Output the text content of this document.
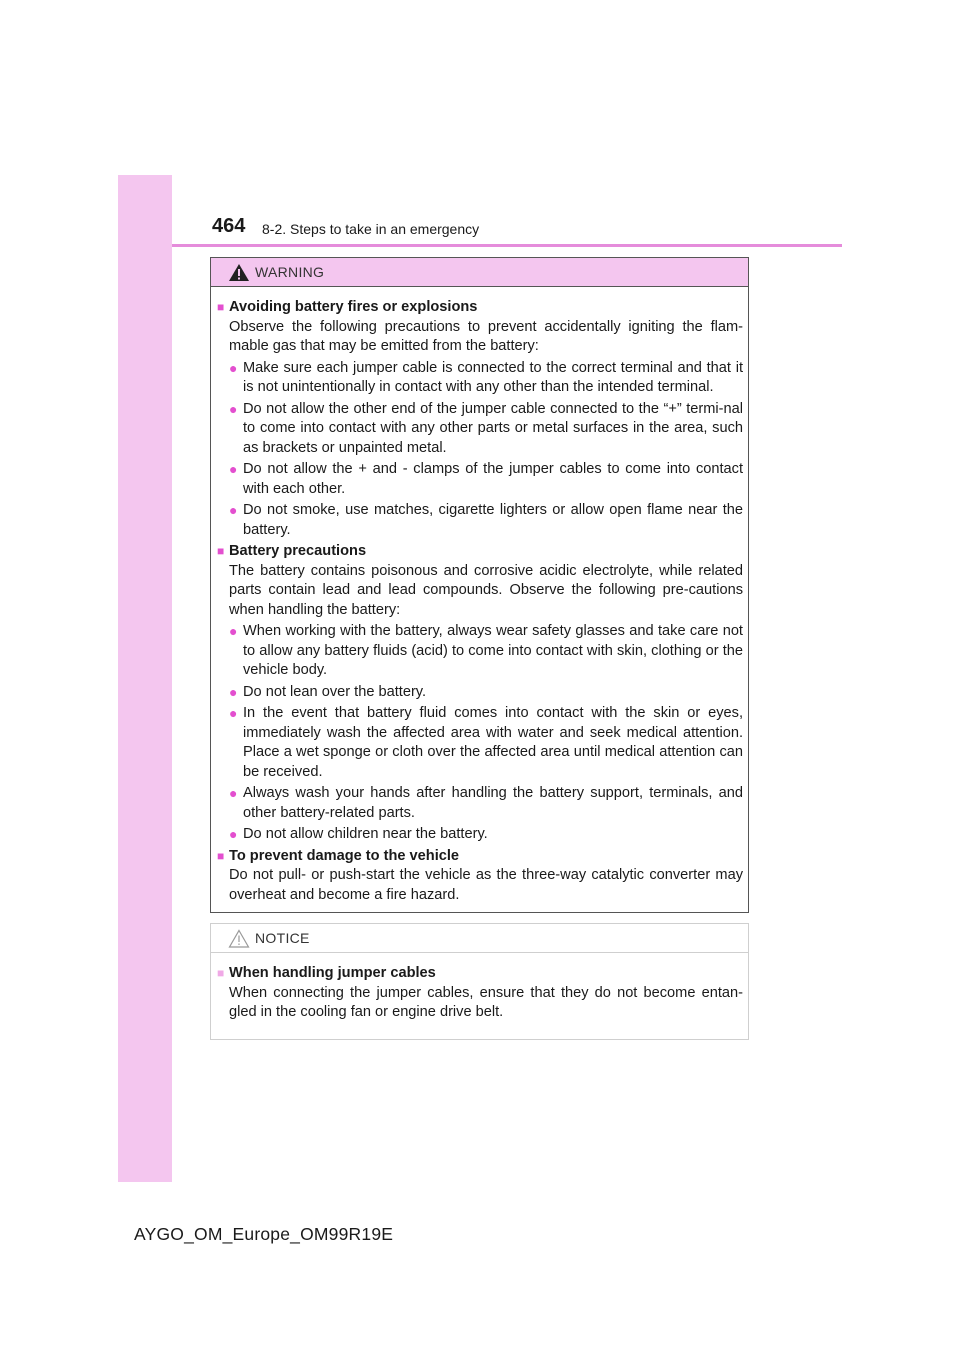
464 8-2. Steps to take in an emergency
WARNING
■ Avoiding battery fires or explosions
Observe the following precautions to prevent accidentally igniting the flam-mable gas that may be emitted from the battery:
● Make sure each jumper cable is connected to the correct terminal and that it is not unintentionally in contact with any other than the intended terminal.
● Do not allow the other end of the jumper cable connected to the “+” termi-nal to come into contact with any other parts or metal surfaces in the area, such as brackets or unpainted metal.
● Do not allow the + and - clamps of the jumper cables to come into contact with each other.
● Do not smoke, use matches, cigarette lighters or allow open flame near the battery.
■ Battery precautions
The battery contains poisonous and corrosive acidic electrolyte, while related parts contain lead and lead compounds. Observe the following pre-cautions when handling the battery:
● When working with the battery, always wear safety glasses and take care not to allow any battery fluids (acid) to come into contact with skin, clothing or the vehicle body.
● Do not lean over the battery.
● In the event that battery fluid comes into contact with the skin or eyes, immediately wash the affected area with water and seek medical attention. Place a wet sponge or cloth over the affected area until medical attention can be received.
● Always wash your hands after handling the battery support, terminals, and other battery-related parts.
● Do not allow children near the battery.
■ To prevent damage to the vehicle
Do not pull- or push-start the vehicle as the three-way catalytic converter may overheat and become a fire hazard.
NOTICE
■ When handling jumper cables
When connecting the jumper cables, ensure that they do not become entan-gled in the cooling fan or engine drive belt.
AYGO_OM_Europe_OM99R19E
